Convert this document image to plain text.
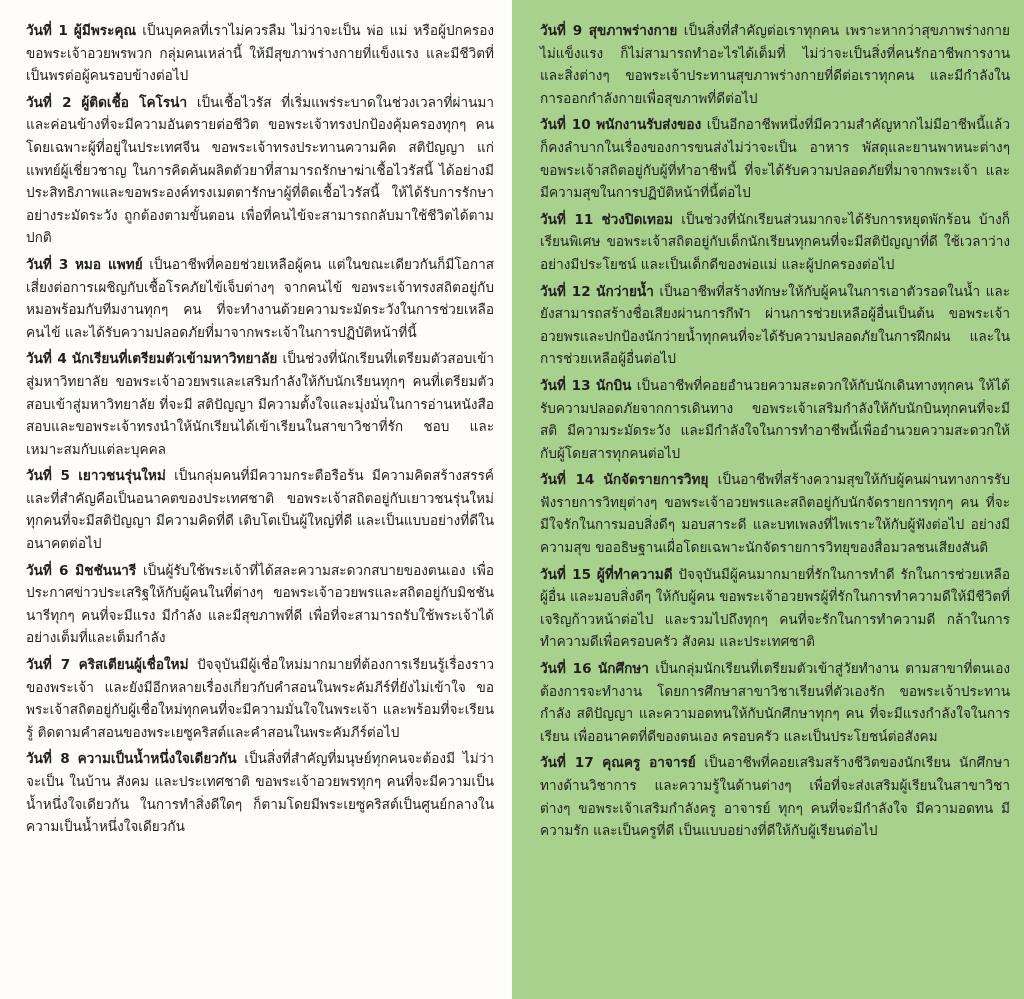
วันที่ 1 ผู้มีพระคุณ เป็นบุคคลที่เราไม่ควรลืม ไม่ว่าจะเป็น พ่อ แม่ หรือผู้ปกครอง ขอพระเจ้าอวยพรพวก กลุ่มคนเหล่านี้ ให้มีสุขภาพร่างกายที่แข็งแรง และมีชีวิตที่เป็นพรต่อผู้คนรอบข้างต่อไป

วันที่ 2 ผู้ติดเชื้อ โคโรน่า เป็นเชื้อไวรัส ที่เริ่มแพร่ระบาดในช่วงเวลาที่ผ่านมา และค่อนข้างที่จะมีความอันตรายต่อชีวิต ขอพระเจ้าทรงปกป้องคุ้มครองทุกๆ คน โดยเฉพาะผู้ที่อยู่ในประเทศจีน ขอพระเจ้าทรงประทานความคิด สติปัญญา แก่แพทย์ผู้เชี่ยวชาญ ในการคิดค้นผลิตตัวยาที่สามารถรักษาฆ่าเชื้อไวรัสนี้ ได้อย่างมีประสิทธิภาพและขอพระองค์ทรงเมตตารักษาผู้ที่ติดเชื้อไวรัสนี้ ให้ได้รับการรักษาอย่างระมัดระวัง ถูกต้องตามขั้นตอน เพื่อที่คนไข้จะสามารถกลับมาใช้ชีวิตได้ตามปกติ

วันที่ 3 หมอ แพทย์ เป็นอาชีพที่คอยช่วยเหลือผู้คน แต่ในขณะเดียวกันก็มีโอกาสเสี่ยงต่อการเผชิญกับเชื้อโรคภัยไข้เจ็บต่างๆ จากคนไข้ ขอพระเจ้าทรงสถิตอยู่กับหมอพร้อมกับทีมงานทุกๆ คน ที่จะทำงานด้วยความระมัดระวังในการช่วยเหลือคนไข้ และได้รับความปลอดภัยที่มาจากพระเจ้าในการปฏิบัติหน้าที่นี้

วันที่ 4 นักเรียนที่เตรียมตัวเข้ามหาวิทยาลัย เป็นช่วงที่นักเรียนที่เตรียมตัวสอบเข้าสู่มหาวิทยาลัย ขอพระเจ้าอวยพรและเสริมกำลังให้กับนักเรียนทุกๆ คนที่เตรียมตัวสอบเข้าสู่มหาวิทยาลัย ที่จะมี สติปัญญา มีความตั้งใจและมุ่งมั่นในการอ่านหนังสือสอบและขอพระเจ้าทรงนำให้นักเรียนได้เข้าเรียนในสาขาวิชาที่รัก ชอบ และเหมาะสมกับแต่ละบุคคล

วันที่ 5 เยาวชนรุ่นใหม่ เป็นกลุ่มคนที่มีความกระตือรือร้น มีความคิดสร้างสรรค์ และที่สำคัญคือเป็นอนาคตของประเทศชาติ ขอพระเจ้าสถิตอยู่กับเยาวชนรุ่นใหม่ทุกคนที่จะมีสติปัญญา มีความคิดที่ดี เติบโตเป็นผู้ใหญ่ที่ดี และเป็นแบบอย่างที่ดีในอนาคตต่อไป

วันที่ 6 มิชชันนารี เป็นผู้รับใช้พระเจ้าที่ได้สละความสะดวกสบายของตนเอง เพื่อประกาศข่าวประเสริฐให้กับผู้คนในที่ต่างๆ ขอพระเจ้าอวยพรและสถิตอยู่กับมิชชันนารีทุกๆ คนที่จะมีแรง มีกำลัง และมีสุขภาพที่ดี เพื่อที่จะสามารถรับใช้พระเจ้าได้อย่างเต็มที่และเต็มกำลัง

วันที่ 7 คริสเตียนผู้เชื่อใหม่ ปัจจุบันมีผู้เชื่อใหม่มากมายที่ต้องการเรียนรู้เรื่องราวของพระเจ้า และยังมีอีกหลายเรื่องเกี่ยวกับคำสอนในพระคัมภีร์ที่ยังไม่เข้าใจ ขอพระเจ้าสถิตอยู่กับผู้เชื่อใหม่ทุกคนที่จะมีความมั่นใจในพระเจ้า และพร้อมที่จะเรียนรู้ ติดตามคำสอนของพระเยซูคริสต์และคำสอนในพระคัมภีร์ต่อไป

วันที่ 8 ความเป็นน้ำหนึ่งใจเดียวกัน เป็นสิ่งที่สำคัญที่มนุษย์ทุกคนจะต้องมี ไม่ว่าจะเป็น ในบ้าน สังคม และประเทศชาติ ขอพระเจ้าอวยพรทุกๆ คนที่จะมีความเป็นน้ำหนึ่งใจเดียวกัน ในการทำสิ่งดีใดๆ ก็ตามโดยมีพระเยซูคริสต์เป็นศูนย์กลางในความเป็นน้ำหนึ่งใจเดียวกัน

วันที่ 9 สุขภาพร่างกาย เป็นสิ่งที่สำคัญต่อเราทุกคน เพราะหากว่าสุขภาพร่างกายไม่แข็งแรง ก็ไม่สามารถทำอะไรได้เต็มที่ ไม่ว่าจะเป็นสิ่งที่คนรักอาชีพการงาน และสิ่งต่างๆ ขอพระเจ้าประทานสุขภาพร่างกายที่ดีต่อเราทุกคน และมีกำลังในการออกกำลังกายเพื่อสุขภาพที่ดีต่อไป

วันที่ 10 พนักงานรับส่งของ เป็นอีกอาชีพหนึ่งที่มีความสำคัญหากไม่มีอาชีพนี้แล้ว ก็คงลำบากในเรื่องของการขนส่งไม่ว่าจะเป็น อาหาร พัสดุและยานพาหนะต่างๆ ขอพระเจ้าสถิตอยู่กับผู้ที่ทำอาชีพนี้ ที่จะได้รับความปลอดภัยที่มาจากพระเจ้า และมีความสุขในการปฏิบัติหน้าที่นี้ต่อไป

วันที่ 11 ช่วงปิดเทอม เป็นช่วงที่นักเรียนส่วนมากจะได้รับการหยุดพักร้อน บ้างก็เรียนพิเศษ ขอพระเจ้าสถิตอยู่กับเด็กนักเรียนทุกคนที่จะมีสติปัญญาที่ดี ใช้เวลาว่างอย่างมีประโยชน์ และเป็นเด็กดีของพ่อแม่ และผู้ปกครองต่อไป

วันที่ 12 นักว่ายน้ำ เป็นอาชีพที่สร้างทักษะให้กับผู้คนในการเอาตัวรอดในน้ำ และยังสามารถสร้างชื่อเสียงผ่านการกีฬา ผ่านการช่วยเหลือผู้อื่นเป็นต้น ขอพระเจ้าอวยพรและปกป้องนักว่ายน้ำทุกคนที่จะได้รับความปลอดภัยในการฝึกฝน และในการช่วยเหลือผู้อื่นต่อไป

วันที่ 13 นักบิน เป็นอาชีพที่คอยอำนวยความสะดวกให้กับนักเดินทางทุกคน ให้ได้รับความปลอดภัยจากการเดินทาง ขอพระเจ้าเสริมกำลังให้กับนักบินทุกคนที่จะมีสติ มีความระมัดระวัง และมีกำลังใจในการทำอาชีพนี้เพื่ออำนวยความสะดวกให้กับผู้โดยสารทุกคนต่อไป

วันที่ 14 นักจัดรายการวิทยุ เป็นอาชีพที่สร้างความสุขให้กับผู้คนผ่านทางการรับฟังรายการวิทยุต่างๆ ขอพระเจ้าอวยพรและสถิตอยู่กับนักจัดรายการทุกๆ คน ที่จะมีใจรักในการมอบสิ่งดีๆ มอบสาระดี และบทเพลงที่ไพเราะให้กับผู้ฟังต่อไป อย่างมีความสุข ขออธิษฐานเผื่อโดยเฉพาะนักจัดรายการวิทยุของสื่อมวลชนเสียงสันติ

วันที่ 15 ผู้ที่ทำความดี ปัจจุบันมีผู้คนมากมายที่รักในการทำดี รักในการช่วยเหลือผู้อื่น และมอบสิ่งดีๆ ให้กับผู้คน ขอพระเจ้าอวยพรผู้ที่รักในการทำความดีให้มีชีวิตที่เจริญก้าวหน้าต่อไป และรวมไปถึงทุกๆ คนที่จะรักในการทำความดี กล้าในการทำความดีเพื่อครอบครัว สังคม และประเทศชาติ

วันที่ 16 นักศึกษา เป็นกลุ่มนักเรียนที่เตรียมตัวเข้าสู่วัยทำงาน ตามสาขาที่ตนเองต้องการจะทำงาน โดยการศึกษาสาขาวิชาเรียนที่ตัวเองรัก ขอพระเจ้าประทานกำลัง สติปัญญา และความอดทนให้กับนักศึกษาทุกๆ คน ที่จะมีแรงกำลังใจในการเรียน เพื่ออนาคตที่ดีของตนเอง ครอบครัว และเป็นประโยชน์ต่อสังคม

วันที่ 17 คุณครู อาจารย์ เป็นอาชีพที่คอยเสริมสร้างชีวิตของนักเรียน นักศึกษาทางด้านวิชาการ และความรู้ในด้านต่างๆ เพื่อที่จะส่งเสริมผู้เรียนในสาขาวิชาต่างๆ ขอพระเจ้าเสริมกำลังครู อาจารย์ ทุกๆ คนที่จะมีกำลังใจ มีความอดทน มีความรัก และเป็นครูที่ดี เป็นแบบอย่างที่ดีให้กับผู้เรียนต่อไป
